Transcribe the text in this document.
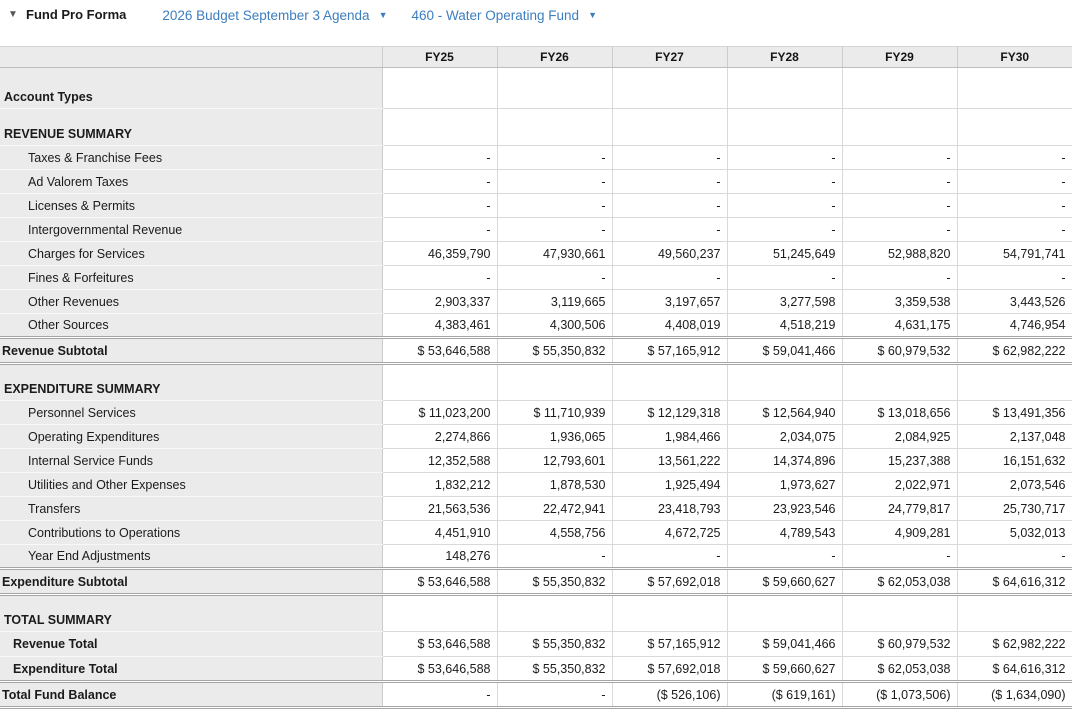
▼ Fund Pro Forma	2026 Budget September 3 Agenda ▼ 460 - Water Operating Fund ▼
	FY25	FY26	FY27	FY28	FY29	FY30
Account Types						
REVENUE SUMMARY						
Taxes & Franchise Fees	-	-	-	-	-	-
Ad Valorem Taxes	-	-	-	-	-	-
Licenses & Permits	-	-	-	-	-	-
Intergovernmental Revenue	-	-	-	-	-	-
Charges for Services	46,359,790	47,930,661	49,560,237	51,245,649	52,988,820	54,791,741
Fines & Forfeitures	-	-	-	-	-	-
Other Revenues	2,903,337	3,119,665	3,197,657	3,277,598	3,359,538	3,443,526
Other Sources	4,383,461	4,300,506	4,408,019	4,518,219	4,631,175	4,746,954
Revenue Subtotal	$ 53,646,588	$ 55,350,832	$ 57,165,912	$ 59,041,466	$ 60,979,532	$ 62,982,222
EXPENDITURE SUMMARY						
Personnel Services	$ 11,023,200	$ 11,710,939	$ 12,129,318	$ 12,564,940	$ 13,018,656	$ 13,491,356
Operating Expenditures	2,274,866	1,936,065	1,984,466	2,034,075	2,084,925	2,137,048
Internal Service Funds	12,352,588	12,793,601	13,561,222	14,374,896	15,237,388	16,151,632
Utilities and Other Expenses	1,832,212	1,878,530	1,925,494	1,973,627	2,022,971	2,073,546
Transfers	21,563,536	22,472,941	23,418,793	23,923,546	24,779,817	25,730,717
Contributions to Operations	4,451,910	4,558,756	4,672,725	4,789,543	4,909,281	5,032,013
Year End Adjustments	148,276	-	-	-	-	-
Expenditure Subtotal	$ 53,646,588	$ 55,350,832	$ 57,692,018	$ 59,660,627	$ 62,053,038	$ 64,616,312
TOTAL SUMMARY						
Revenue Total	$ 53,646,588	$ 55,350,832	$ 57,165,912	$ 59,041,466	$ 60,979,532	$ 62,982,222
Expenditure Total	$ 53,646,588	$ 55,350,832	$ 57,692,018	$ 59,660,627	$ 62,053,038	$ 64,616,312
Total Fund Balance	-	-	($ 526,106)	($ 619,161)	($ 1,073,506)	($ 1,634,090)
